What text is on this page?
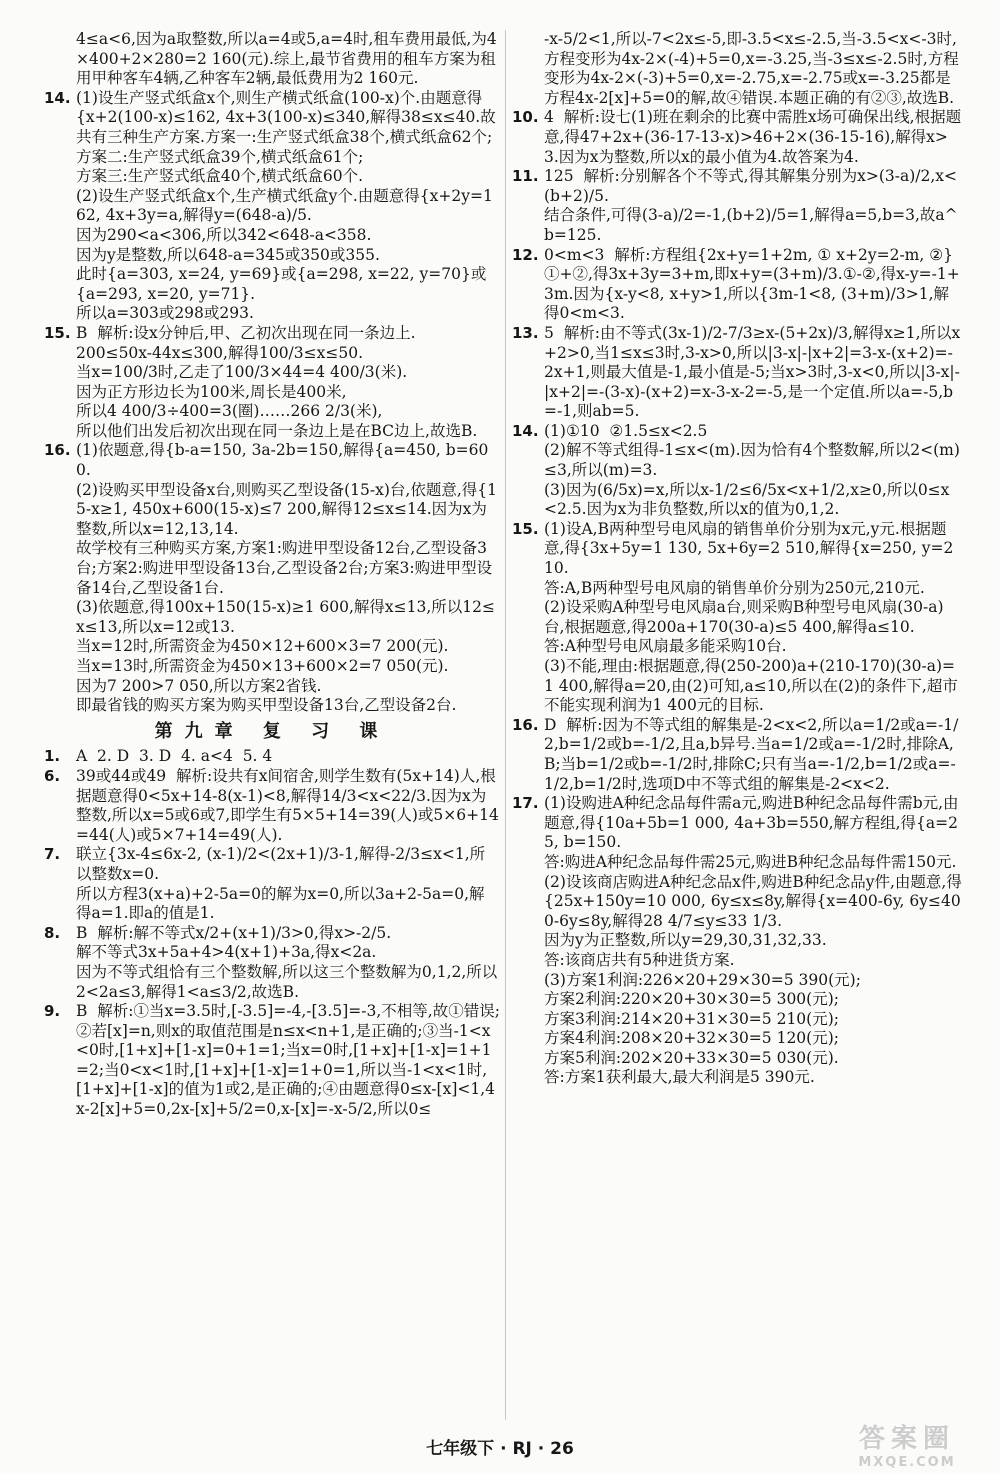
4≤a<6,因为a取整数,所以a=4或5,a=4时,租车费用最低,为4×400+2×280=2 160(元).综上,最节省费用的租车方案为租用甲种客车4辆,乙种客车2辆,最低费用为2 160元.
14. (1)设生产竖式纸盒x个,则生产横式纸盒(100-x)个.由题意得{x+2(100-x)≤162, 4x+3(100-x)≤340,解得38≤x≤40.故共有三种生产方案.方案一:生产竖式纸盒38个,横式纸盒62个;
方案二:生产竖式纸盒39个,横式纸盒61个;
方案三:生产竖式纸盒40个,横式纸盒60个.
(2)设生产竖式纸盒x个,生产横式纸盒y个.由题意得{x+2y=162, 4x+3y=a,解得y=(648-a)/5.
因为290<a<306,所以342<648-a<358.
因为y是整数,所以648-a=345或350或355.
此时{a=303, x=24, y=69}或{a=298, x=22, y=70}或{a=293, x=20, y=71}.
所以a=303或298或293.
15. B  解析:设x分钟后,甲、乙初次出现在同一条边上.
200≤50x-44x≤300,解得100/3≤x≤50.
当x=100/3时,乙走了100/3×44=4 400/3(米).
因为正方形边长为100米,周长是400米,
所以4 400/3÷400=3(圈)……266 2/3(米),
所以他们出发后初次出现在同一条边上是在BC边上,故选B.
16. (1)依题意,得{b-a=150, 3a-2b=150,解得{a=450, b=600.
(2)设购买甲型设备x台,则购买乙型设备(15-x)台,依题意,得{15-x≥1, 450x+600(15-x)≤7 200,解得12≤x≤14.因为x为整数,所以x=12,13,14.
故学校有三种购买方案,方案1:购进甲型设备12台,乙型设备3台;方案2:购进甲型设备13台,乙型设备2台;方案3:购进甲型设备14台,乙型设备1台.
(3)依题意,得100x+150(15-x)≥1 600,解得x≤13,所以12≤x≤13,所以x=12或13.
当x=12时,所需资金为450×12+600×3=7 200(元).
当x=13时,所需资金为450×13+600×2=7 050(元).
因为7 200>7 050,所以方案2省钱.
即最省钱的购买方案为购买甲型设备13台,乙型设备2台.
第九章 复 习 课
1. A  2. D  3. D  4. a<4  5. 4
6. 39或44或49  解析:设共有x间宿舍,则学生数有(5x+14)人,根据题意得0<5x+14-8(x-1)<8,解得14/3<x<22/3.因为x为整数,所以x=5或6或7,即学生有5×5+14=39(人)或5×6+14=44(人)或5×7+14=49(人).
7. 联立{3x-4≤6x-2, (x-1)/2<(2x+1)/3-1,解得-2/3≤x<1,所以整数x=0.
所以方程3(x+a)+2-5a=0的解为x=0,所以3a+2-5a=0,解得a=1.即a的值是1.
8. B  解析:解不等式x/2+(x+1)/3>0,得x>-2/5.
解不等式3x+5a+4>4(x+1)+3a,得x<2a.
因为不等式组恰有三个整数解,所以这三个整数解为0,1,2,所以2<2a≤3,解得1<a≤3/2,故选B.
9. B  解析:①当x=3.5时,[-3.5]=-4,-[3.5]=-3,不相等,故①错误;②若[x]=n,则x的取值范围是n≤x<n+1,是正确的;③当-1<x<0时,[1+x]+[1-x]=0+1=1;当x=0时,[1+x]+[1-x]=1+1=2;当0<x<1时,[1+x]+[1-x]=1+0=1,所以当-1<x<1时,[1+x]+[1-x]的值为1或2,是正确的;④由题意得0≤x-[x]<1,4x-2[x]+5=0,2x-[x]+5/2=0,x-[x]=-x-5/2,所以0≤
-x-5/2<1,所以-7<2x≤-5,即-3.5<x≤-2.5,当-3.5<x<-3时,方程变形为4x-2×(-4)+5=0,x=-3.25,当-3≤x≤-2.5时,方程变形为4x-2×(-3)+5=0,x=-2.75,x=-2.75或x=-3.25都是方程4x-2[x]+5=0的解,故④错误.本题正确的有②③,故选B.
10. 4  解析:设七(1)班在剩余的比赛中需胜x场可确保出线,根据题意,得47+2x+(36-17-13-x)>46+2×(36-15-16),解得x>3.因为x为整数,所以x的最小值为4.故答案为4.
11. 125  解析:分别解各个不等式,得其解集分别为x>(3-a)/2,x<(b+2)/5.
结合条件,可得(3-a)/2=-1,(b+2)/5=1,解得a=5,b=3,故a^b=125.
12. 0<m<3  解析:方程组{2x+y=1+2m, ① x+2y=2-m, ②}①+②,得3x+3y=3+m,即x+y=(3+m)/3.①-②,得x-y=-1+3m.因为{x-y<8, x+y>1,所以{3m-1<8, (3+m)/3>1,解得0<m<3.
13. 5  解析:由不等式(3x-1)/2-7/3≥x-(5+2x)/3,解得x≥1,所以x+2>0,当1≤x≤3时,3-x>0,所以|3-x|-|x+2|=3-x-(x+2)=-2x+1,则最大值是-1,最小值是-5;当x>3时,3-x<0,所以|3-x|-|x+2|=-(3-x)-(x+2)=x-3-x-2=-5,是一个定值.所以a=-5,b=-1,则ab=5.
14. (1)①10  ②1.5≤x<2.5
(2)解不等式组得-1≤x<(m).因为恰有4个整数解,所以2<(m)≤3,所以(m)=3.
(3)因为(6/5x)=x,所以x-1/2≤6/5x<x+1/2,x≥0,所以0≤x<2.5.因为x为非负整数,所以x的值为0,1,2.
15. (1)设A,B两种型号电风扇的销售单价分别为x元,y元.根据题意,得{3x+5y=1 130, 5x+6y=2 510,解得{x=250, y=210.
答:A,B两种型号电风扇的销售单价分别为250元,210元.
(2)设采购A种型号电风扇a台,则采购B种型号电风扇(30-a)台,根据题意,得200a+170(30-a)≤5 400,解得a≤10.
答:A种型号电风扇最多能采购10台.
(3)不能,理由:根据题意,得(250-200)a+(210-170)(30-a)=1 400,解得a=20,由(2)可知,a≤10,所以在(2)的条件下,超市不能实现利润为1 400元的目标.
16. D  解析:因为不等式组的解集是-2<x<2,所以a=1/2或a=-1/2,b=1/2或b=-1/2,且a,b异号.当a=1/2或a=-1/2时,排除A,B;当b=1/2或b=-1/2时,排除C;只有当a=-1/2,b=1/2或a=-1/2,b=1/2时,选项D中不等式组的解集是-2<x<2.
17. (1)设购进A种纪念品每件需a元,购进B种纪念品每件需b元,由题意,得{10a+5b=1 000, 4a+3b=550,解方程组,得{a=25, b=150.
答:购进A种纪念品每件需25元,购进B种纪念品每件需150元.
(2)设该商店购进A种纪念品x件,购进B种纪念品y件,由题意,得{25x+150y=10 000, 6y≤x≤8y,解得{x=400-6y, 6y≤400-6y≤8y,解得28 4/7≤y≤33 1/3.
因为y为正整数,所以y=29,30,31,32,33.
答:该商店共有5种进货方案.
(3)方案1利润:226×20+29×30=5 390(元);
方案2利润:220×20+30×30=5 300(元);
方案3利润:214×20+31×30=5 210(元);
方案4利润:208×20+32×30=5 120(元);
方案5利润:202×20+33×30=5 030(元).
答:方案1获利最大,最大利润是5 390元.
七年级下 · RJ · 26	答案圈
MXQE.COM
